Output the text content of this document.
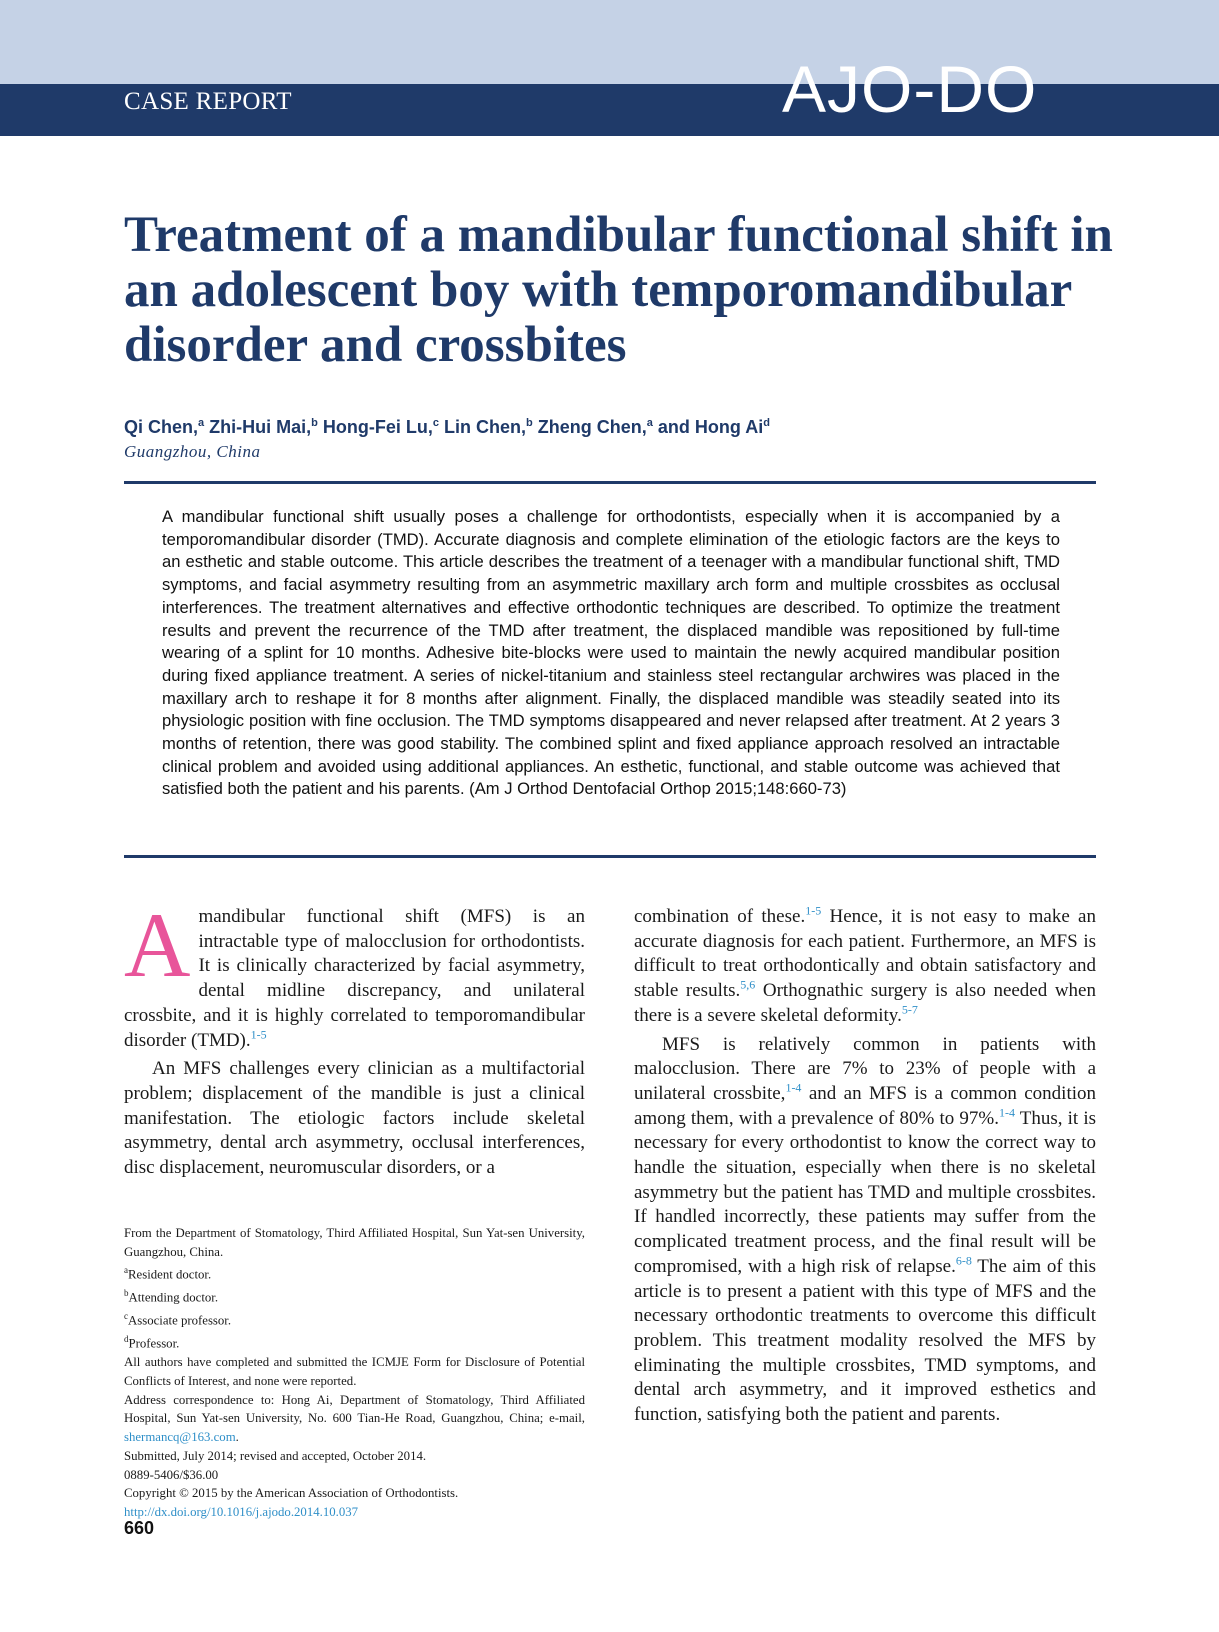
CASE REPORT	AJO-DO
Treatment of a mandibular functional shift in an adolescent boy with temporomandibular disorder and crossbites
Qi Chen,$^a$ Zhi-Hui Mai,$^b$ Hong-Fei Lu,$^c$ Lin Chen,$^b$ Zheng Chen,$^a$ and Hong Ai$^d$
Guangzhou, China

A mandibular functional shift usually poses a challenge for orthodontists, especially when it is accompanied by a temporomandibular disorder (TMD). Accurate diagnosis and complete elimination of the etiologic factors are the keys to an esthetic and stable outcome. This article describes the treatment of a teenager with a mandibular functional shift, TMD symptoms, and facial asymmetry resulting from an asymmetric maxillary arch form and multiple crossbites as occlusal interferences. The treatment alternatives and effective orthodontic techniques are described. To optimize the treatment results and prevent the recurrence of the TMD after treatment, the displaced mandible was repositioned by full-time wearing of a splint for 10 months. Adhesive bite-blocks were used to maintain the newly acquired mandibular position during fixed appliance treatment. A series of nickel-titanium and stainless steel rectangular archwires was placed in the maxillary arch to reshape it for 8 months after alignment. Finally, the displaced mandible was steadily seated into its physiologic position with fine occlusion. The TMD symptoms disappeared and never relapsed after treatment. At 2 years 3 months of retention, there was good stability. The combined splint and fixed appliance approach resolved an intractable clinical problem and avoided using additional appliances. An esthetic, functional, and stable outcome was achieved that satisfied both the patient and his parents. (Am J Orthod Dentofacial Orthop 2015;148:660-73)

Amandibular functional shift (MFS) is an intractable type of malocclusion for orthodontists. It is clinically characterized by facial asymmetry, dental midline discrepancy, and unilateral crossbite, and it is highly correlated to temporomandibular disorder (TMD).$^{1-5}$

An MFS challenges every clinician as a multifactorial problem; displacement of the mandible is just a clinical manifestation. The etiologic factors include skeletal asymmetry, dental arch asymmetry, occlusal interferences, disc displacement, neuromuscular disorders, or a

combination of these.$^{1-5}$ Hence, it is not easy to make an accurate diagnosis for each patient. Furthermore, an MFS is difficult to treat orthodontically and obtain satisfactory and stable results.$^{5,6}$ Orthognathic surgery is also needed when there is a severe skeletal deformity.$^{5-7}$

MFS is relatively common in patients with malocclusion. There are 7% to 23% of people with a unilateral crossbite,$^{1-4}$ and an MFS is a common condition among them, with a prevalence of 80% to 97%.$^{1-4}$ Thus, it is necessary for every orthodontist to know the correct way to handle the situation, especially when there is no skeletal asymmetry but the patient has TMD and multiple crossbites. If handled incorrectly, these patients may suffer from the complicated treatment process, and the final result will be compromised, with a high risk of relapse.$^{6-8}$ The aim of this article is to present a patient with this type of MFS and the necessary orthodontic treatments to overcome this difficult problem. This treatment modality resolved the MFS by eliminating the multiple crossbites, TMD symptoms, and dental arch asymmetry, and it improved esthetics and function, satisfying both the patient and parents.

From the Department of Stomatology, Third Affiliated Hospital, Sun Yat-sen University, Guangzhou, China.
$^a$Resident doctor.
$^b$Attending doctor.
$^c$Associate professor.
$^d$Professor.
All authors have completed and submitted the ICMJE Form for Disclosure of Potential Conflicts of Interest, and none were reported.
Address correspondence to: Hong Ai, Department of Stomatology, Third Affiliated Hospital, Sun Yat-sen University, No. 600 Tian-He Road, Guangzhou, China; e-mail, shermancq@163.com.
Submitted, July 2014; revised and accepted, October 2014.
0889-5406/$36.00
Copyright © 2015 by the American Association of Orthodontists.
http://dx.doi.org/10.1016/j.ajodo.2014.10.037
660
